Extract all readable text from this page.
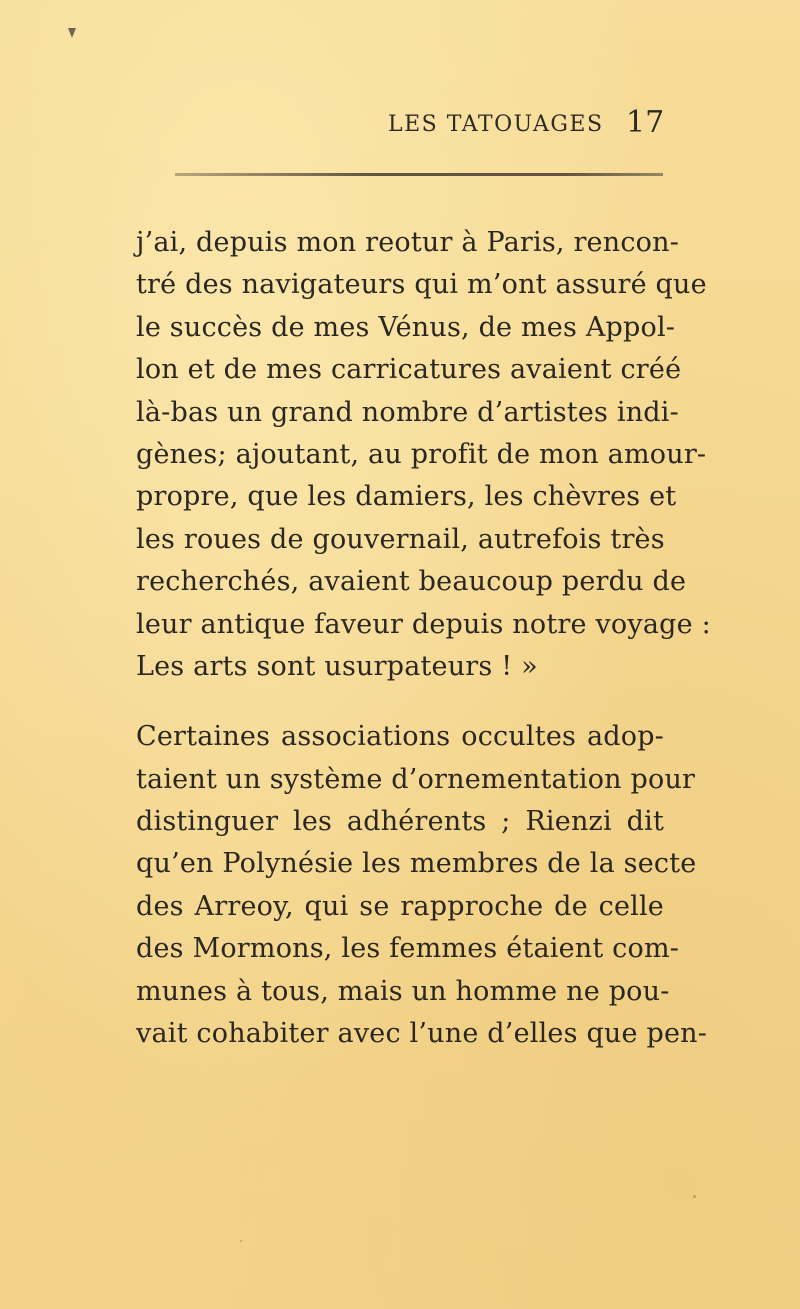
LES TATOUAGES 17
j’ai, depuis mon reotur à Paris, rencon-
tré des navigateurs qui m’ont assuré que
le succès de mes Vénus, de mes Appol-
lon et de mes carricatures avaient créé
là-bas un grand nombre d’artistes indi-
gènes; ajoutant, au profit de mon amour-
propre, que les damiers, les chèvres et
les roues de gouvernail, autrefois très
recherchés, avaient beaucoup perdu de
leur antique faveur depuis notre voyage :
Les arts sont usurpateurs ! »
Certaines associations occultes adop-
taient un système d’ornementation pour
distinguer les adhérents ; Rienzi dit
qu’en Polynésie les membres de la secte
des Arreoy, qui se rapproche de celle
des Mormons, les femmes étaient com-
munes à tous, mais un homme ne pou-
vait cohabiter avec l’une d’elles que pen-
